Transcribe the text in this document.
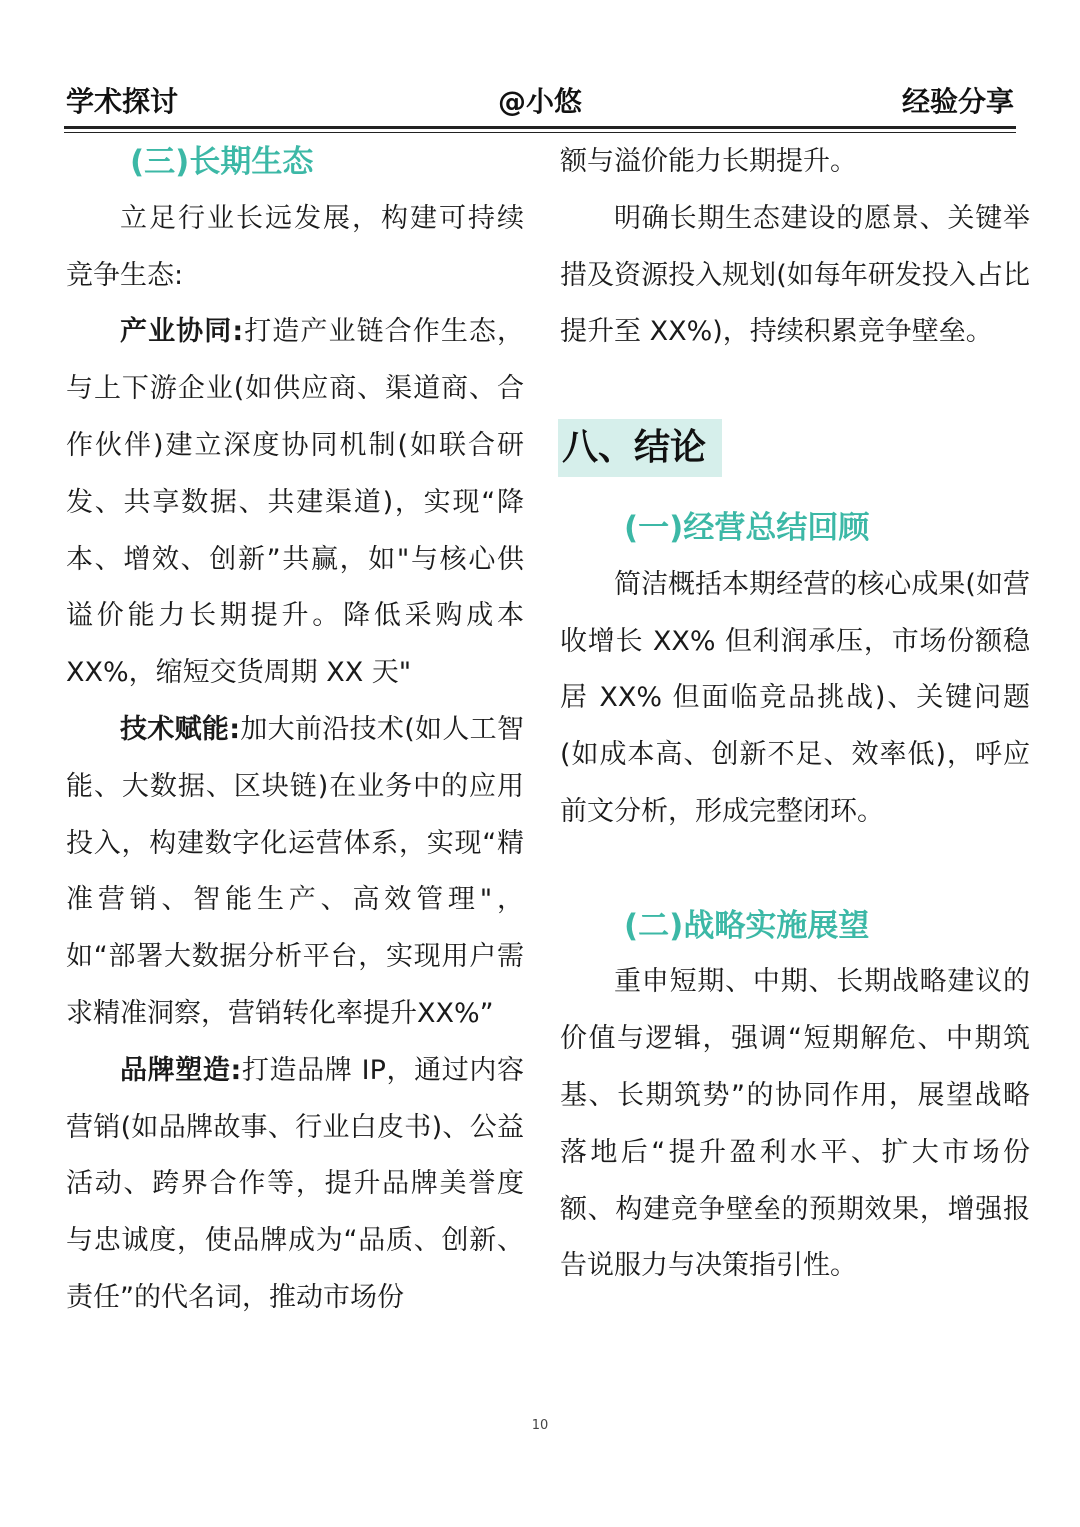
学术探讨	@小悠	经验分享

(三)长期生态

立足行业长远发展，构建可持续竞争生态:

产业协同:打造产业链合作生态，与上下游企业(如供应商、渠道商、合作伙伴)建立深度协同机制(如联合研发、共享数据、共建渠道)，实现“降本、增效、创新”共赢，如"与核心供谥价能力长期提升。降低采购成本XX%，缩短交货周期 XX 天"

技术赋能:加大前沿技术(如人工智能、大数据、区块链)在业务中的应用投入，构建数字化运营体系，实现“精准营销、智能生产、高效管理"，如“部署大数据分析平台，实现用户需求精准洞察，营销转化率提升XX%”

品牌塑造:打造品牌 IP，通过内容营销(如品牌故事、行业白皮书)、公益活动、跨界合作等，提升品牌美誉度与忠诚度，使品牌成为“品质、创新、责任”的代名词，推动市场份

额与溢价能力长期提升。

明确长期生态建设的愿景、关键举措及资源投入规划(如每年研发投入占比提升至 XX%)，持续积累竞争壁垒。

八、结论

(一)经营总结回顾

简洁概括本期经营的核心成果(如营收增长 XX% 但利润承压，市场份额稳居 XX% 但面临竞品挑战)、关键问题(如成本高、创新不足、效率低)，呼应前文分析，形成完整闭环。

(二)战略实施展望

重申短期、中期、长期战略建议的价值与逻辑，强调“短期解危、中期筑基、长期筑势”的协同作用，展望战略落地后“提升盈利水平、扩大市场份额、构建竞争壁垒的预期效果，增强报告说服力与决策指引性。

10
